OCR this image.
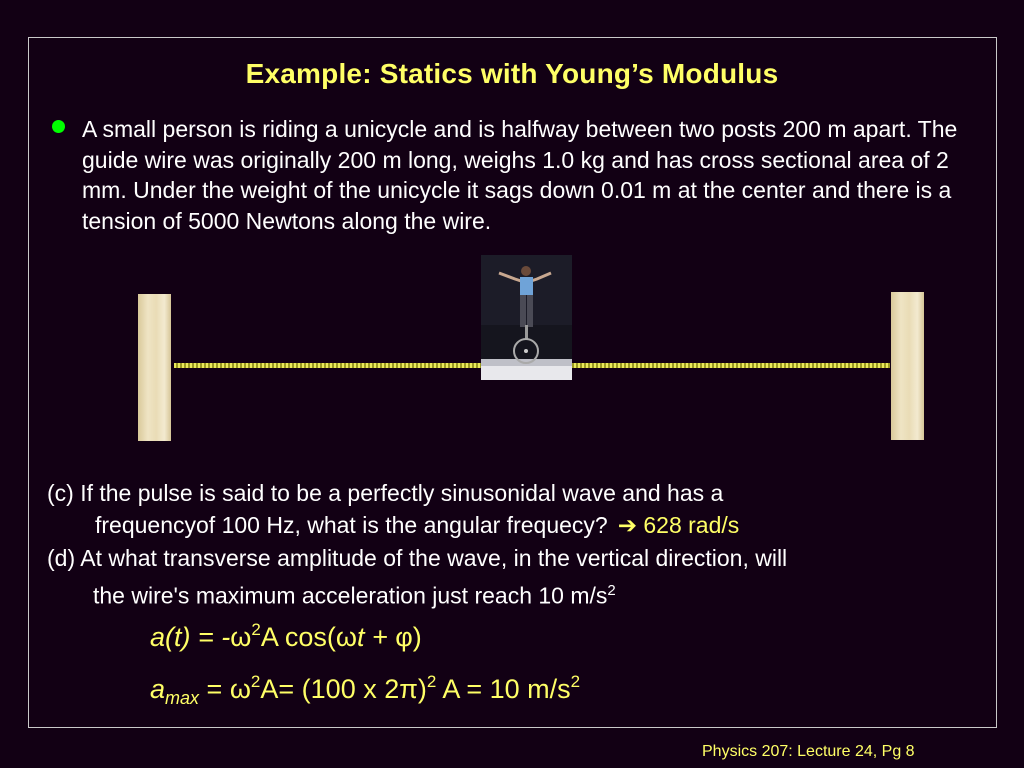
Example: Statics with Young’s Modulus
A small person is riding a unicycle and is halfway between two posts 200 m apart. The guide wire was originally 200 m long, weighs 1.0 kg and has cross sectional area of 2 mm. Under the weight of the unicycle it sags down 0.01 m at the center and there is a tension of 5000 Newtons along the wire.
(c) If the pulse is said to be a perfectly sinusonidal wave and has a
frequencyof 100 Hz, what is the angular frequecy? ➔ 628 rad/s
(d) At what transverse amplitude of the wave, in the vertical direction, will
the wire's maximum acceleration just reach 10 $m/s^2$
$a(t) = -\omega^2A$ cos(ωt + φ)
$a_{max} = \omega^2A= (100$ x 2π)$^2$ A = 10 $m/s^2$
Physics 207: Lecture 24, Pg 8
